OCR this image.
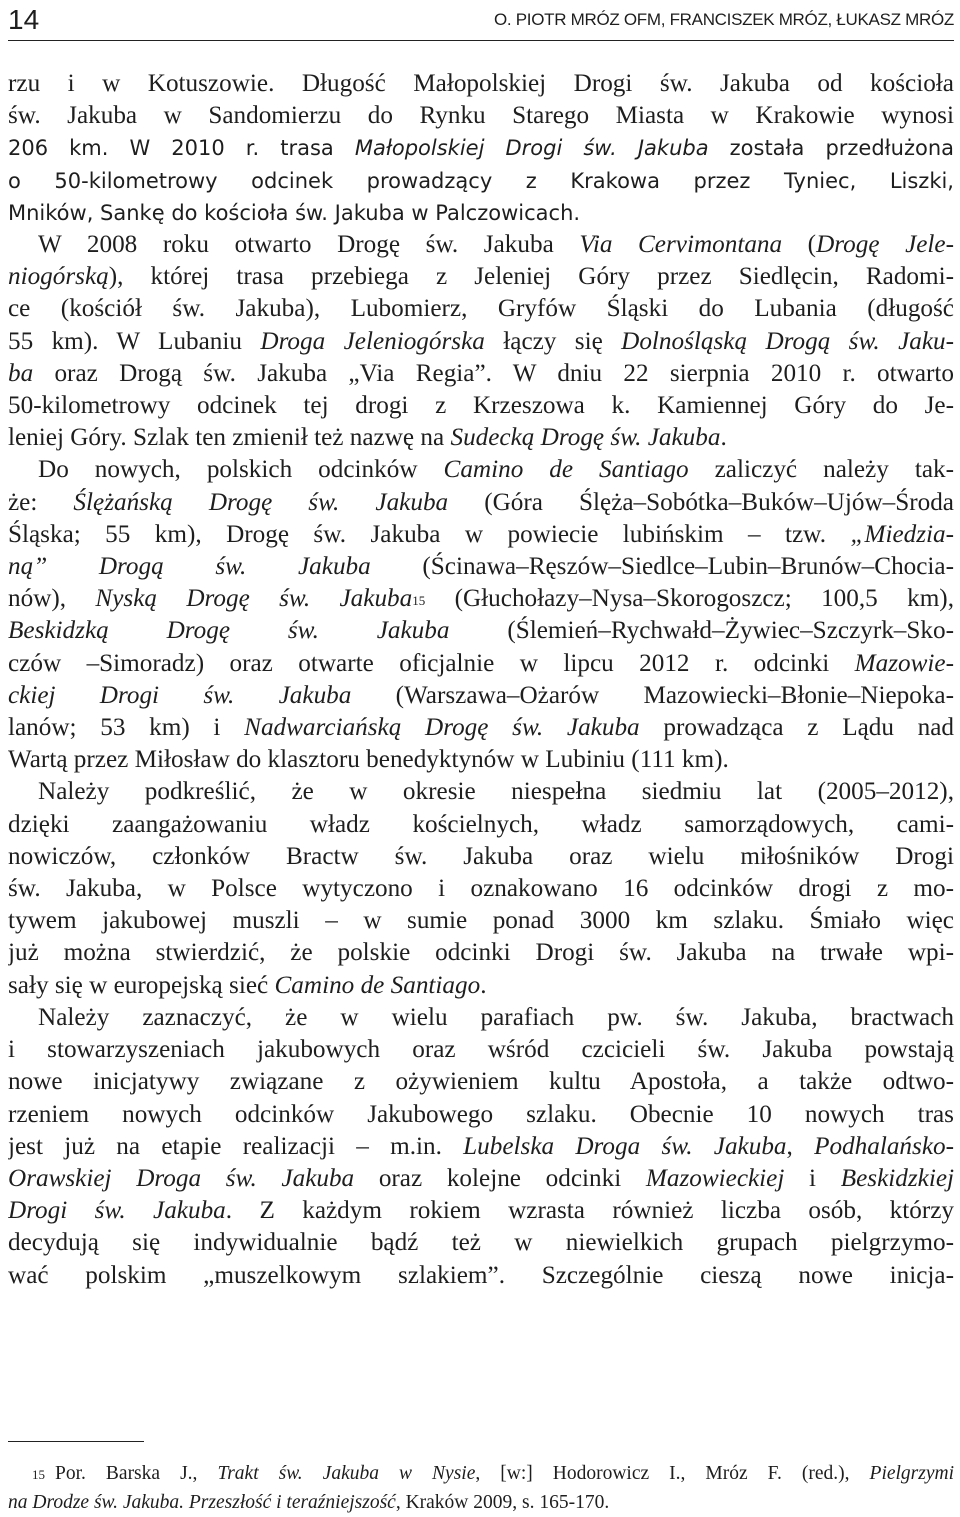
14	O. PIOTR MRÓZ OFM, FRANCISZEK MRÓZ, ŁUKASZ MRÓZ

rzu i w Kotuszowie. Długość Małopolskiej Drogi św. Jakuba od kościoła
św. Jakuba w Sandomierzu do Rynku Starego Miasta w Krakowie wynosi
206 km. W 2010 r. trasa Małopolskiej Drogi św. Jakuba została przedłużona
o 50-kilometrowy odcinek prowadzący z Krakowa przez Tyniec, Liszki,
Mników, Sankę do kościoła św. Jakuba w Palczowicach.

W 2008 roku otwarto Drogę św. Jakuba Via Cervimontana (Drogę Jele-
niogórską), której trasa przebiega z Jeleniej Góry przez Siedlęcin, Radomi-
ce (kościół św. Jakuba), Lubomierz, Gryfów Śląski do Lubania (długość
55 km). W Lubaniu Droga Jeleniogórska łączy się Dolnośląską Drogą św. Jaku-
ba oraz Drogą św. Jakuba „Via Regia”. W dniu 22 sierpnia 2010 r. otwarto
50-kilometrowy odcinek tej drogi z Krzeszowa k. Kamiennej Góry do Je-
leniej Góry. Szlak ten zmienił też nazwę na Sudecką Drogę św. Jakuba.

Do nowych, polskich odcinków Camino de Santiago zaliczyć należy tak-
że: Ślężańską Drogę św. Jakuba (Góra Ślęża–Sobótka–Buków–Ujów–Środa
Śląska; 55 km), Drogę św. Jakuba w powiecie lubińskim – tzw. „Miedzia-
ną” Drogą św. Jakuba (Ścinawa–Ręszów–Siedlce–Lubin–Brunów–Chocia-
nów), Nyską Drogę św. Jakuba$^{15}$ (Głuchołazy–Nysa–Skorogoszcz; 100,5 km),
Beskidzką Drogę św. Jakuba (Ślemień–Rychwałd–Żywiec–Szczyrk–Sko-
czów –Simoradz) oraz otwarte oficjalnie w lipcu 2012 r. odcinki Mazowie-
ckiej Drogi św. Jakuba (Warszawa–Ożarów Mazowiecki–Błonie–Niepoka-
lanów; 53 km) i Nadwarciańską Drogę św. Jakuba prowadząca z Lądu nad
Wartą przez Miłosław do klasztoru benedyktynów w Lubiniu (111 km).

Należy podkreślić, że w okresie niespełna siedmiu lat (2005–2012),
dzięki zaangażowaniu władz kościelnych, władz samorządowych, cami-
nowiczów, członków Bractw św. Jakuba oraz wielu miłośników Drogi
św. Jakuba, w Polsce wytyczono i oznakowano 16 odcinków drogi z mo-
tywem jakubowej muszli – w sumie ponad 3000 km szlaku. Śmiało więc
już można stwierdzić, że polskie odcinki Drogi św. Jakuba na trwałe wpi-
sały się w europejską sieć Camino de Santiago.

Należy zaznaczyć, że w wielu parafiach pw. św. Jakuba, bractwach
i stowarzyszeniach jakubowych oraz wśród czcicieli św. Jakuba powstają
nowe inicjatywy związane z ożywieniem kultu Apostoła, a także odtwo-
rzeniem nowych odcinków Jakubowego szlaku. Obecnie 10 nowych tras
jest już na etapie realizacji – m.in. Lubelska Droga św. Jakuba, Podhalańsko-
Orawskiej Droga św. Jakuba oraz kolejne odcinki Mazowieckiej i Beskidzkiej
Drogi św. Jakuba. Z każdym rokiem wzrasta również liczba osób, którzy
decydują się indywidualnie bądź też w niewielkich grupach pielgrzymo-
wać polskim „muszelkowym szlakiem”. Szczególnie cieszą nowe inicja-

$^{15}$ Por. Barska J., Trakt św. Jakuba w Nysie, [w:] Hodorowicz I., Mróz F. (red.), Pielgrzymi
na Drodze św. Jakuba. Przeszłość i teraźniejszość, Kraków 2009, s. 165-170.
